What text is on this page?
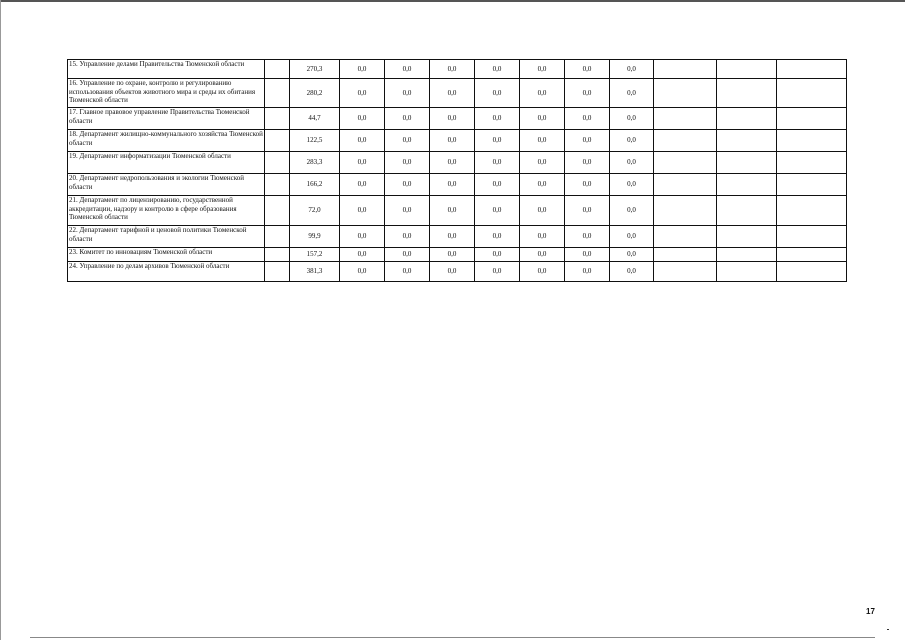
15. Управление делами Правительства Тюменской области		270,3	0,0	0,0	0,0	0,0	0,0	0,0	0,0			
16. Управление по охране, контролю и регулированию использования объектов животного мира и среды их обитания Тюменской области		280,2	0,0	0,0	0,0	0,0	0,0	0,0	0,0			
17. Главное правовое управление Правительства Тюменской области		44,7	0,0	0,0	0,0	0,0	0,0	0,0	0,0			
18. Департамент жилищно-коммунального хозяйства Тюменской области		122,5	0,0	0,0	0,0	0,0	0,0	0,0	0,0			
19. Департамент информатизации Тюменской области		283,3	0,0	0,0	0,0	0,0	0,0	0,0	0,0			
20. Департамент недропользования и экологии Тюменской области		166,2	0,0	0,0	0,0	0,0	0,0	0,0	0,0			
21. Департамент по лицензированию, государственной аккредитации, надзору и контролю в сфере образования Тюменской области		72,0	0,0	0,0	0,0	0,0	0,0	0,0	0,0			
22. Департамент тарифной и ценовой политики Тюменской области		99,9	0,0	0,0	0,0	0,0	0,0	0,0	0,0			
23. Комитет по инновациям Тюменской области		157,2	0,0	0,0	0,0	0,0	0,0	0,0	0,0			
24. Управление по делам архивов Тюменской области		381,3	0,0	0,0	0,0	0,0	0,0	0,0	0,0			
17
